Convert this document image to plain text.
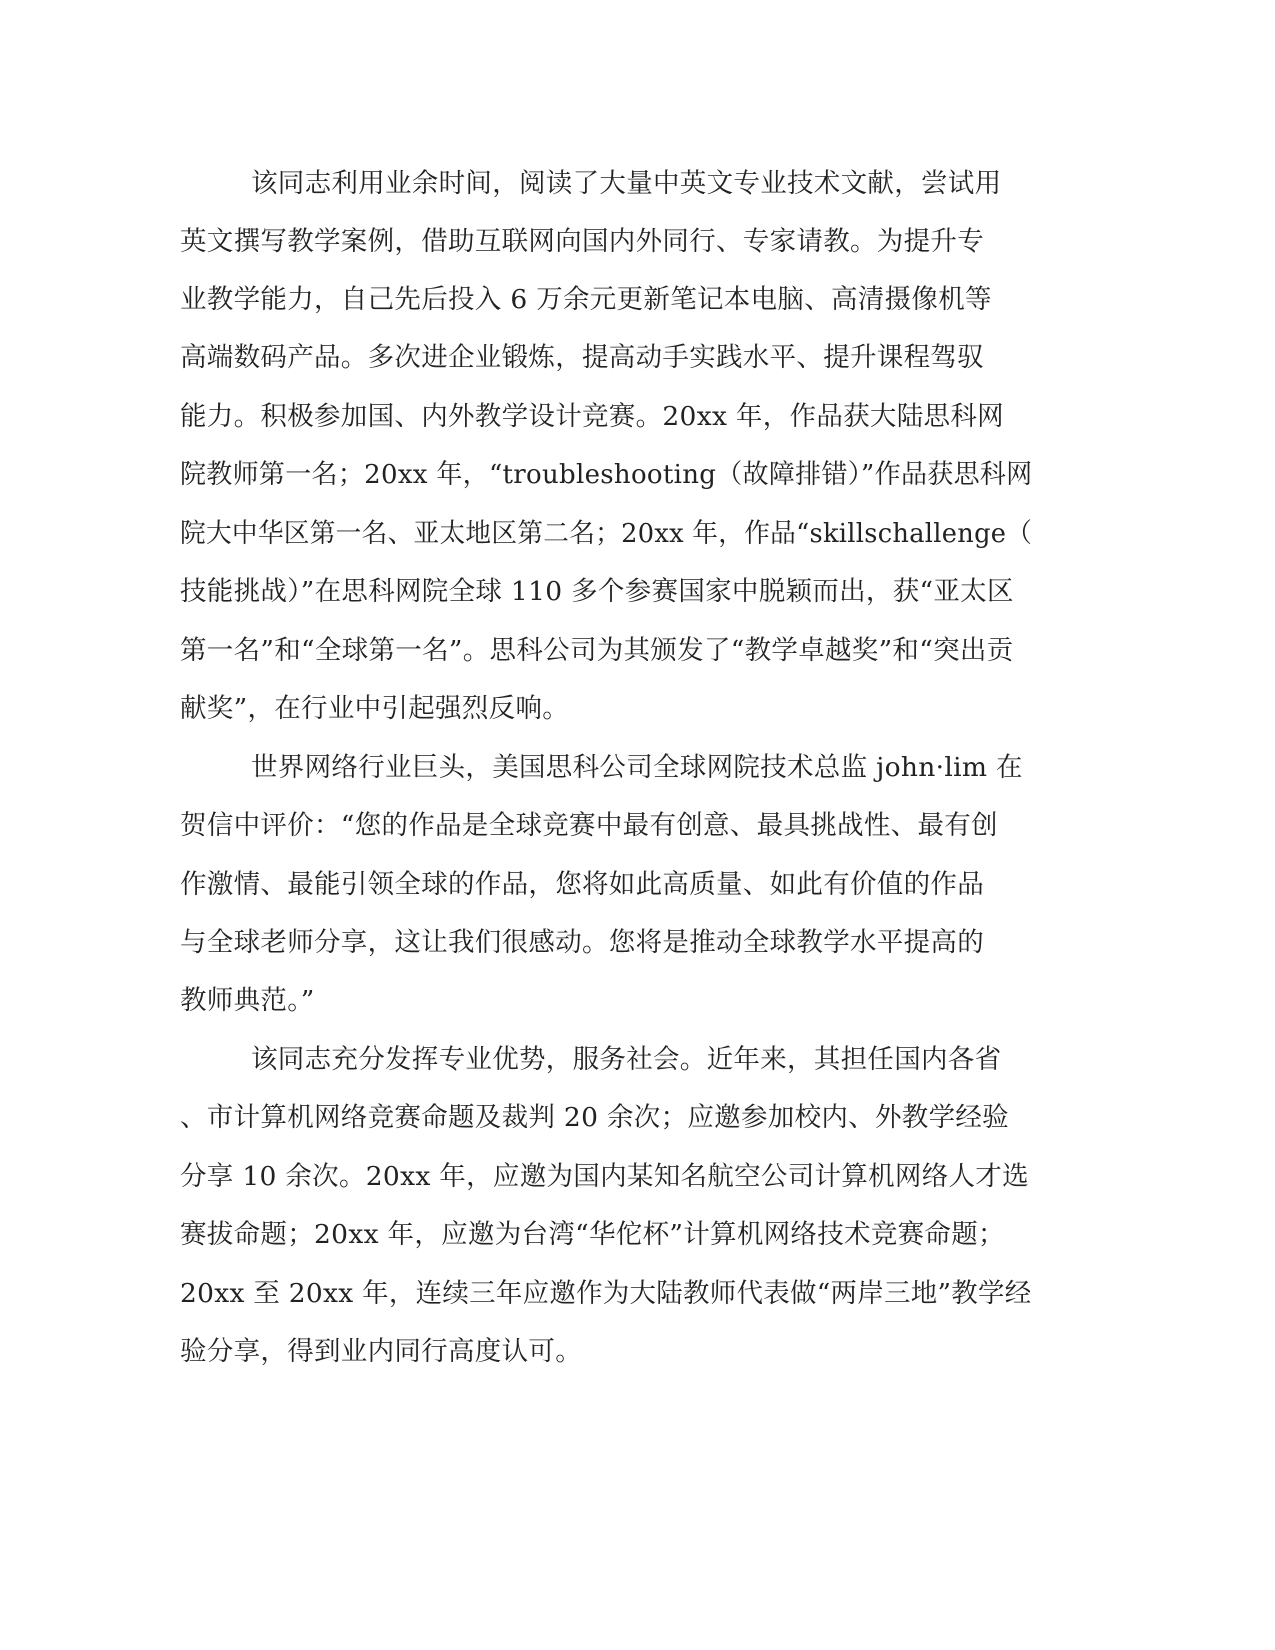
该同志利用业余时间，阅读了大量中英文专业技术文献，尝试用

英文撰写教学案例，借助互联网向国内外同行、专家请教。为提升专

业教学能力，自己先后投入 6 万余元更新笔记本电脑、高清摄像机等

高端数码产品。多次进企业锻炼，提高动手实践水平、提升课程驾驭

能力。积极参加国、内外教学设计竞赛。20xx 年，作品获大陆思科网

院教师第一名；20xx 年，“troubleshooting（故障排错）”作品获思科网

院大中华区第一名、亚太地区第二名；20xx 年，作品“skillschallenge（

技能挑战）”在思科网院全球 110 多个参赛国家中脱颖而出，获“亚太区

第一名”和“全球第一名”。思科公司为其颁发了“教学卓越奖”和“突出贡

献奖”，在行业中引起强烈反响。

世界网络行业巨头，美国思科公司全球网院技术总监 john·lim 在

贺信中评价：“您的作品是全球竞赛中最有创意、最具挑战性、最有创

作激情、最能引领全球的作品，您将如此高质量、如此有价值的作品

与全球老师分享，这让我们很感动。您将是推动全球教学水平提高的

教师典范。”

该同志充分发挥专业优势，服务社会。近年来，其担任国内各省

、市计算机网络竞赛命题及裁判 20 余次；应邀参加校内、外教学经验

分享 10 余次。20xx 年，应邀为国内某知名航空公司计算机网络人才选

赛拔命题；20xx 年，应邀为台湾“华佗杯”计算机网络技术竞赛命题；

20xx 至 20xx 年，连续三年应邀作为大陆教师代表做“两岸三地”教学经

验分享，得到业内同行高度认可。
